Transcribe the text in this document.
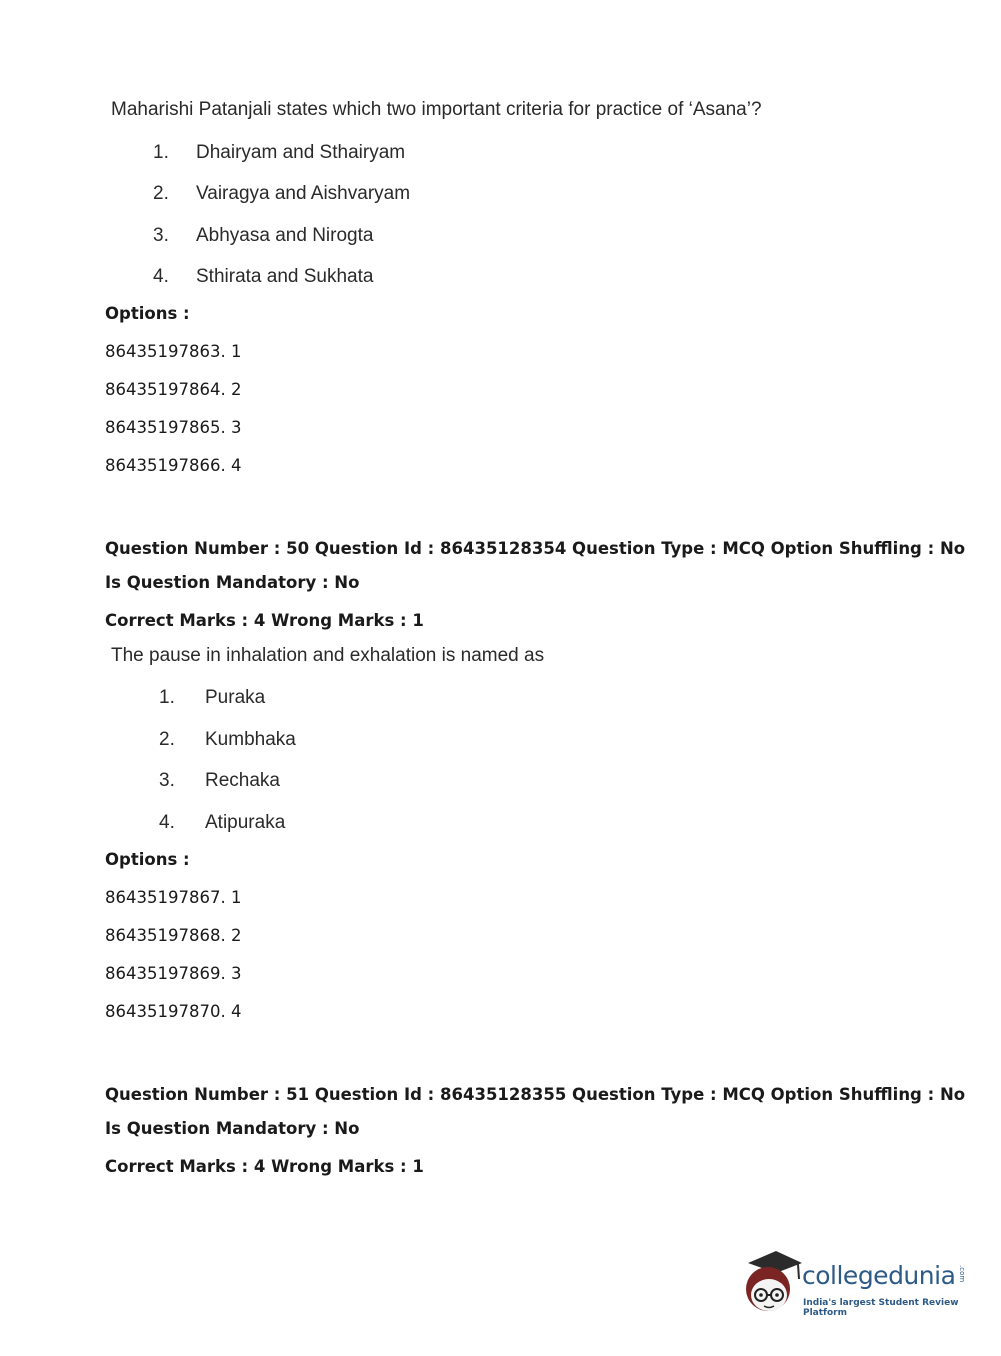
Maharishi Patanjali states which two important criteria for practice of ‘Asana’?
1. Dhairyam and Sthairyam
2. Vairagya and Aishvaryam
3. Abhyasa and Nirogta
4. Sthirata and Sukhata
Options :
86435197863. 1
86435197864. 2
86435197865. 3
86435197866. 4
Question Number : 50 Question Id : 86435128354 Question Type : MCQ Option Shuffling : No
Is Question Mandatory : No
Correct Marks : 4 Wrong Marks : 1
The pause in inhalation and exhalation is named as
1. Puraka
2. Kumbhaka
3. Rechaka
4. Atipuraka
Options :
86435197867. 1
86435197868. 2
86435197869. 3
86435197870. 4
Question Number : 51 Question Id : 86435128355 Question Type : MCQ Option Shuffling : No
Is Question Mandatory : No
Correct Marks : 4 Wrong Marks : 1
collegedunia .com
India's largest Student Review Platform
